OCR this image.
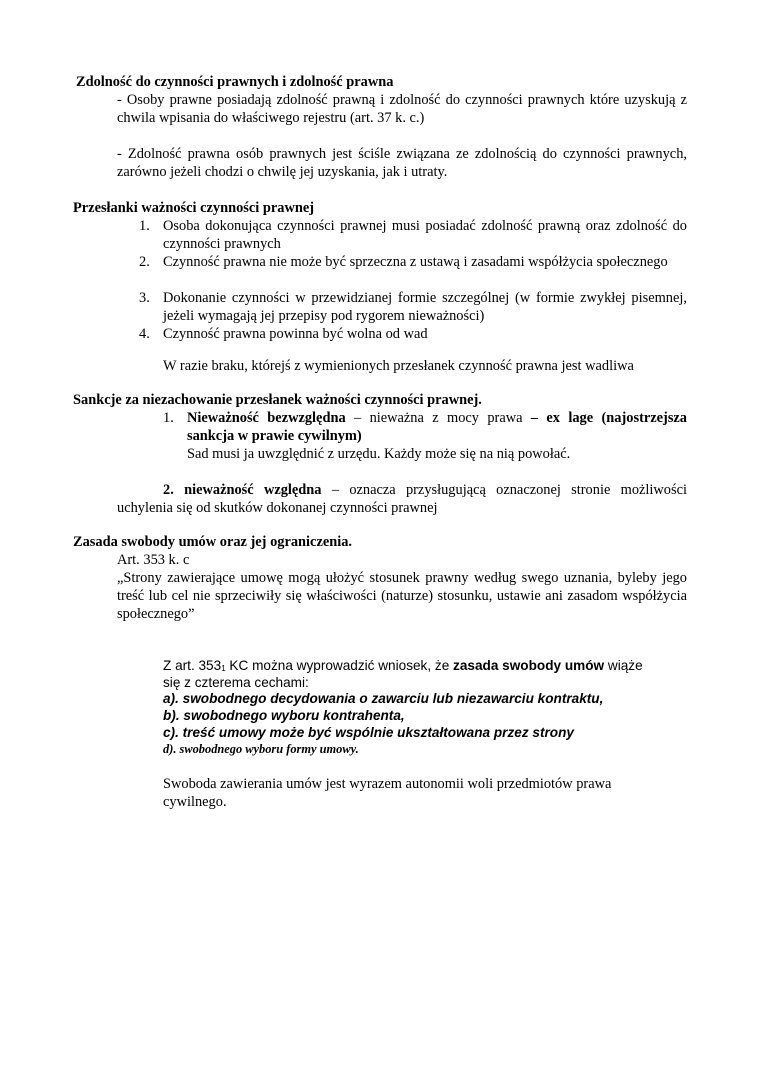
Zdolność do czynności prawnych i zdolność prawna
- Osoby prawne posiadają zdolność prawną i zdolność do czynności prawnych które uzyskują z chwila wpisania do właściwego rejestru (art. 37 k. c.)
- Zdolność prawna osób prawnych jest ściśle związana ze zdolnością do czynności prawnych, zarówno jeżeli chodzi o chwilę jej uzyskania, jak i utraty.
Przesłanki ważności czynności prawnej
1. Osoba dokonująca czynności prawnej musi posiadać zdolność prawną oraz zdolność do czynności prawnych
2. Czynność prawna nie może być sprzeczna z ustawą i zasadami współżycia społecznego
3. Dokonanie czynności w przewidzianej formie szczególnej (w formie zwykłej pisemnej, jeżeli wymagają jej przepisy pod rygorem nieważności)
4. Czynność prawna powinna być wolna od wad
W razie braku, którejś z wymienionych przesłanek czynność prawna jest wadliwa
Sankcje za niezachowanie przesłanek ważności czynności prawnej.
1. Nieważność bezwzględna – nieważna z mocy prawa – ex lage (najostrzejsza sankcja w prawie cywilnym)
Sad musi ja uwzględnić z urzędu. Każdy może się na nią powołać.
2. nieważność względna – oznacza przysługującą oznaczonej stronie możliwości uchylenia się od skutków dokonanej czynności prawnej
Zasada swobody umów oraz jej ograniczenia.
Art. 353 k. c
„Strony zawierające umowę mogą ułożyć stosunek prawny według swego uznania, byleby jego treść lub cel nie sprzeciwiły się właściwości (naturze) stosunku, ustawie ani zasadom współżycia społecznego”
Z art. 3531 KC można wyprowadzić wniosek, że zasada swobody umów wiąże
się z czterema cechami:
a). swobodnego decydowania o zawarciu lub niezawarciu kontraktu,
b). swobodnego wyboru kontrahenta,
c). treść umowy może być wspólnie ukształtowana przez strony
d). swobodnego wyboru formy umowy.
Swoboda zawierania umów jest wyrazem autonomii woli przedmiotów prawa
cywilnego.
